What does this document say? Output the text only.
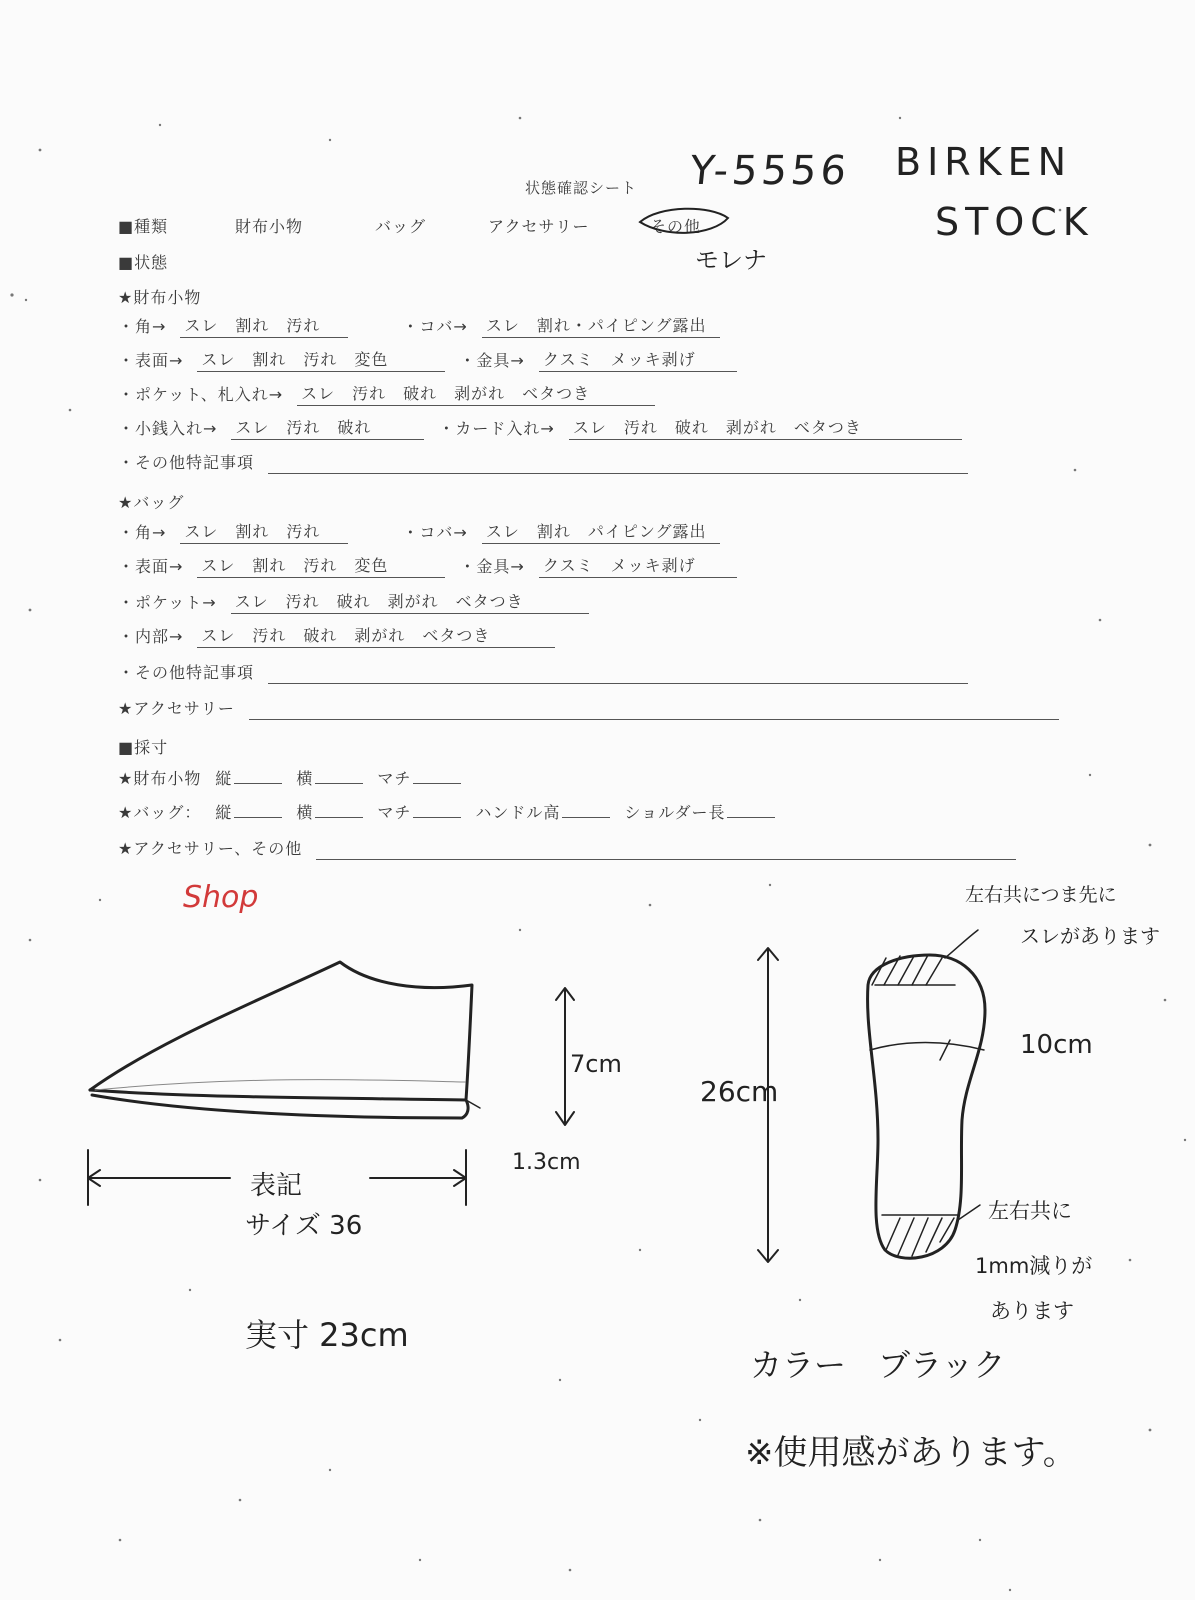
状態確認シート Y-5556 BIRKEN
STOCK
■種類	財布小物	バッグ	アクセサリー	その他
モレナ
■状態
★財布小物
・角→ スレ　割れ　汚れ	・コバ→ スレ　割れ・パイピング露出
・表面→ スレ　割れ　汚れ　変色	・金具→ クスミ　メッキ剥げ
・ポケット、札入れ→ スレ　汚れ　破れ　剥がれ　ベタつき
・小銭入れ→ スレ　汚れ　破れ	・カード入れ→ スレ　汚れ　破れ　剥がれ　ベタつき
・その他特記事項
★バッグ
・角→ スレ　割れ　汚れ	・コバ→ スレ　割れ　パイピング露出
・表面→ スレ　割れ　汚れ　変色	・金具→ クスミ　メッキ剥げ
・ポケット→ スレ　汚れ　破れ　剥がれ　ベタつき
・内部→ スレ　汚れ　破れ　剥がれ　ベタつき
・その他特記事項
★アクセサリー
■採寸
★財布小物 縦	横	マチ
★バッグ： 縦	横	マチ	ハンドル高	ショルダー長
★アクセサリー、その他
Shop
7cm
1.3cm
表記
サイズ 36
実寸 23cm
26cm
10cm
左右共につま先に
スレがあります
左右共に
1mm減りが
あります
カラー　ブラック
※使用感があります。
